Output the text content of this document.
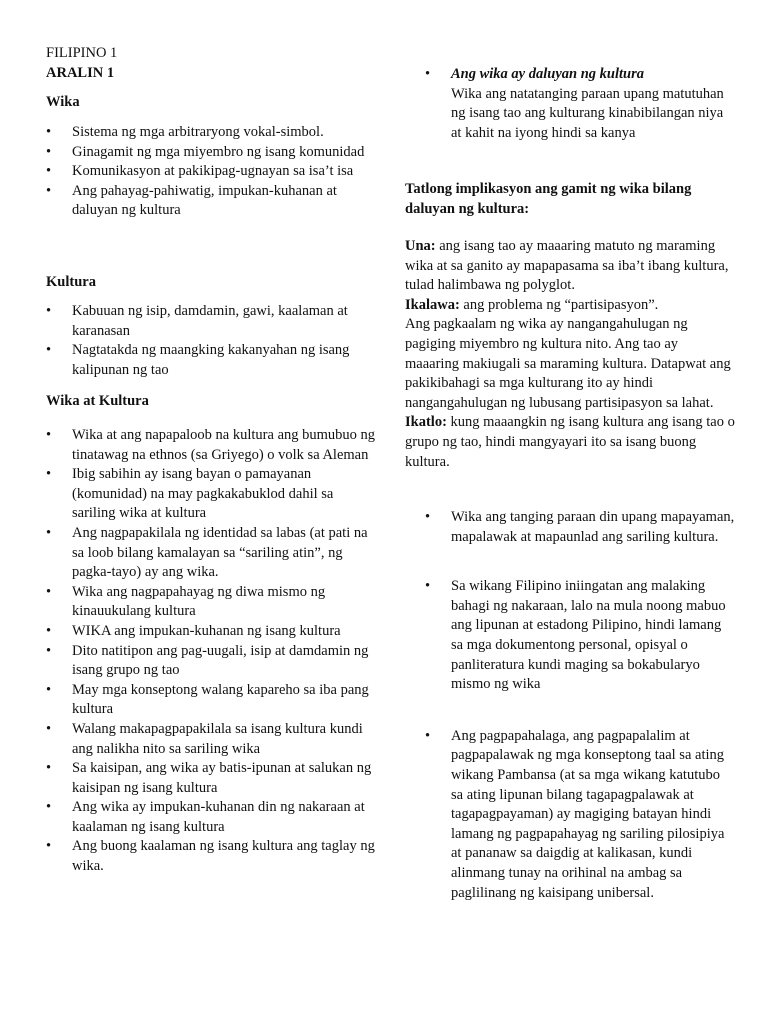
FILIPINO 1

ARALIN 1

Wika

• Sistema ng mga arbitraryong vokal-simbol.
• Ginagamit ng mga miyembro ng isang komunidad
• Komunikasyon at pakikipag-ugnayan sa isa’t isa
• Ang pahayag-pahiwatig, impukan-kuhanan at daluyan ng kultura

Kultura

• Kabuuan ng isip, damdamin, gawi, kaalaman at karanasan
• Nagtatakda ng maangking kakanyahan ng isang kalipunan ng tao

Wika at Kultura

• Wika at ang napapaloob na kultura ang bumubuo ng tinatawag na ethnos (sa Griyego) o volk sa Aleman
• Ibig sabihin ay isang bayan o pamayanan (komunidad) na may pagkakabuklod dahil sa sariling wika at kultura
• Ang nagpapakilala ng identidad sa labas (at pati na sa loob bilang kamalayan sa “sariling atin”, ng pagka-tayo) ay ang wika.
• Wika ang nagpapahayag ng diwa mismo ng kinauukulang kultura
• WIKA ang impukan-kuhanan ng isang kultura
• Dito natitipon ang pag-uugali, isip at damdamin ng isang grupo ng tao
• May mga konseptong walang kapareho sa iba pang kultura
• Walang makapagpapakilala sa isang kultura kundi ang nalikha nito sa sariling wika
• Sa kaisipan, ang wika ay batis-ipunan at salukan ng kaisipan ng isang kultura
• Ang wika ay impukan-kuhanan din ng nakaraan at kaalaman ng isang kultura
• Ang buong kaalaman ng isang kultura ang taglay ng wika.
• Ang wika ay daluyan ng kultura

Wika ang natatanging paraan upang matutuhan ng isang tao ang kulturang kinabibilangan niya at kahit na iyong hindi sa kanya

Tatlong implikasyon ang gamit ng wika bilang daluyan ng kultura:

Una: ang isang tao ay maaaring matuto ng maraming wika at sa ganito ay mapapasama sa iba’t ibang kultura, tulad halimbawa ng polyglot.

Ikalawa: ang problema ng “partisipasyon”.

Ang pagkaalam ng wika ay nangangahulugan ng pagiging miyembro ng kultura nito. Ang tao ay maaaring makiugali sa maraming kultura. Datapwat ang pakikibahagi sa mga kulturang ito ay hindi nangangahulugan ng lubusang partisipasyon sa lahat.

Ikatlo: kung maaangkin ng isang kultura ang isang tao o grupo ng tao, hindi mangyayari ito sa isang buong kultura.

• Wika ang tanging paraan din upang mapayaman, mapalawak at mapaunlad ang sariling kultura.
• Sa wikang Filipino iniingatan ang malaking bahagi ng nakaraan, lalo na mula noong mabuo ang lipunan at estadong Pilipino, hindi lamang sa mga dokumentong personal, opisyal o panliteratura kundi maging sa bokabularyo mismo ng wika
• Ang pagpapahalaga, ang pagpapalalim at pagpapalawak ng mga konseptong taal sa ating wikang Pambansa (at sa mga wikang katutubo sa ating lipunan bilang tagapagpalawak at tagapagpayaman) ay magiging batayan hindi lamang ng pagpapahayag ng sariling pilosipiya at pananaw sa daigdig at kalikasan, kundi alinmang tunay na orihinal na ambag sa paglilinang ng kaisipang unibersal.
